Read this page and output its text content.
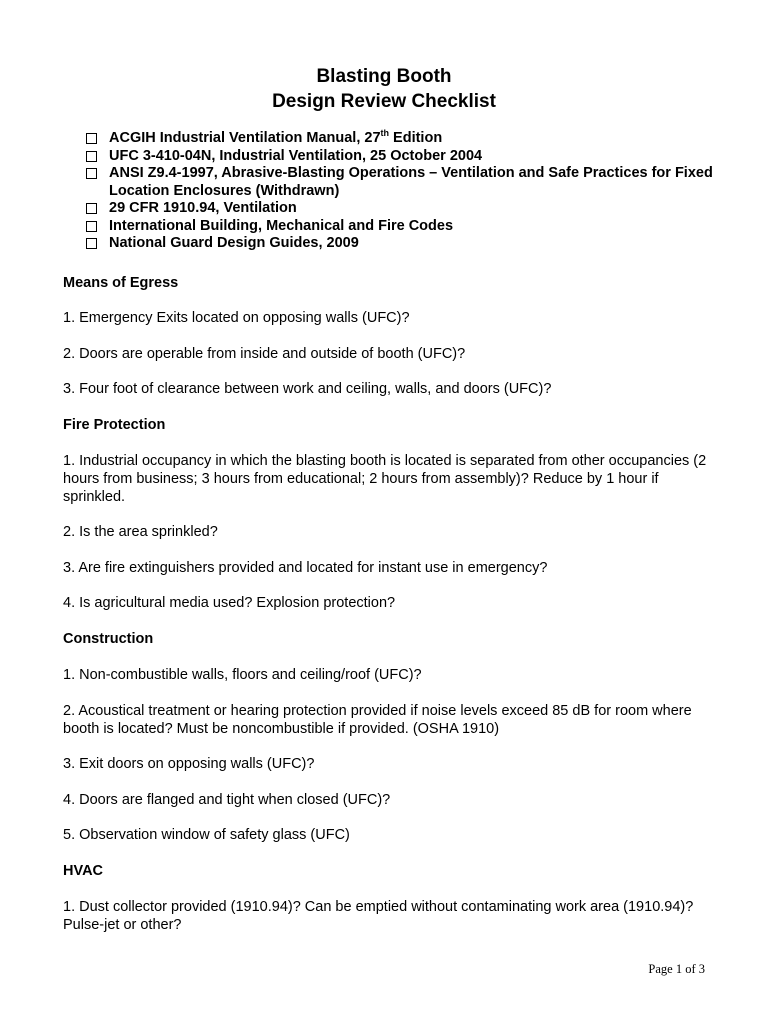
Blasting Booth
Design Review Checklist
ACGIH Industrial Ventilation Manual, 27th Edition
UFC 3-410-04N, Industrial Ventilation, 25 October 2004
ANSI Z9.4-1997, Abrasive-Blasting Operations – Ventilation and Safe Practices for Fixed Location Enclosures (Withdrawn)
29 CFR 1910.94, Ventilation
International Building, Mechanical and Fire Codes
National Guard Design Guides, 2009
Means of Egress
1. Emergency Exits located on opposing walls (UFC)?
2. Doors are operable from inside and outside of booth (UFC)?
3. Four foot of clearance between work and ceiling, walls, and doors (UFC)?
Fire Protection
1. Industrial occupancy in which the blasting booth is located is separated from other occupancies (2 hours from business; 3 hours from educational; 2 hours from assembly)? Reduce by 1 hour if sprinkled.
2. Is the area sprinkled?
3. Are fire extinguishers provided and located for instant use in emergency?
4. Is agricultural media used? Explosion protection?
Construction
1. Non-combustible walls, floors and ceiling/roof (UFC)?
2. Acoustical treatment or hearing protection provided if noise levels exceed 85 dB for room where booth is located? Must be noncombustible if provided. (OSHA 1910)
3. Exit doors on opposing walls (UFC)?
4. Doors are flanged and tight when closed (UFC)?
5. Observation window of safety glass (UFC)
HVAC
1. Dust collector provided (1910.94)? Can be emptied without contaminating work area (1910.94)? Pulse-jet or other?
Page 1 of 3
